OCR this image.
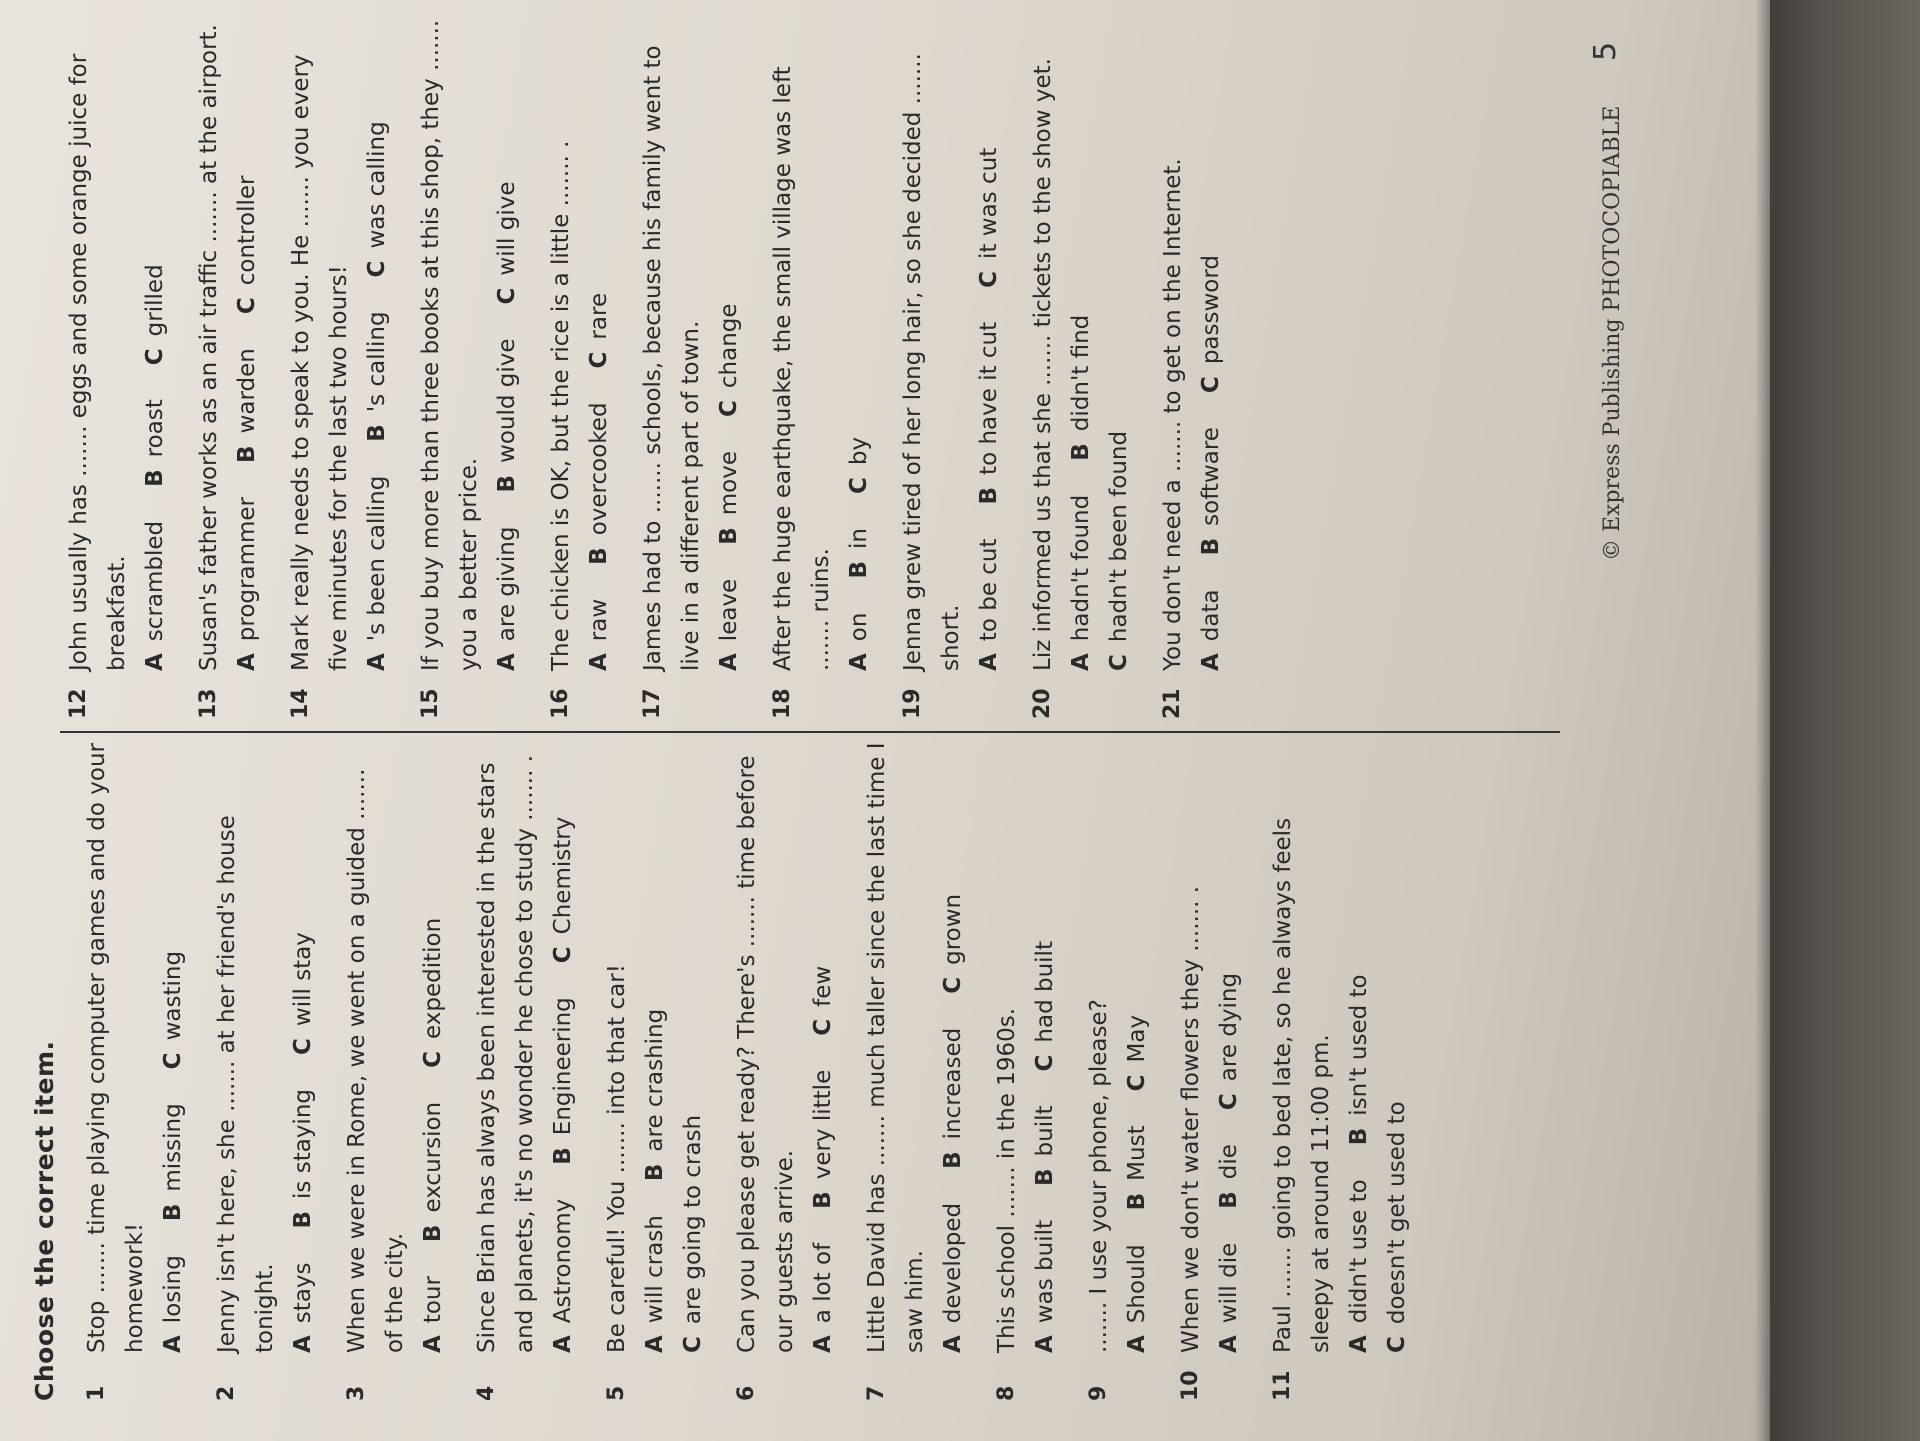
Choose the correct item. 1
Stop ....... time playing computer games and do your homework! Alosing
Bmissing
Cwasting
2
Jenny isn't here, she ....... at her friend's house tonight. Astays
Bis staying
Cwill stay
3
When we were in Rome, we went on a guided ....... of the city. Atour
Bexcursion
Cexpedition
4
Since Brian has always been interested in the stars and planets, it's no wonder he chose to study ....... . AAstronomy
BEngineering
CChemistry
5
Be careful! You ....... into that car! Awill crash
Bare crashing
Care going to crash
6
Can you please get ready? There's ....... time before our guests arrive. Aa lot of
Bvery little
Cfew
7
Little David has ....... much taller since the last time I saw him. Adeveloped
Bincreased
Cgrown
8
This school ....... in the 1960s. Awas built
Bbuilt
Chad built
9
....... I use your phone, please? AShould
BMust
CMay
10
When we don't water flowers they ....... . Awill die
Bdie
Care dying
11
Paul ....... going to bed late, so he always feels sleepy at around 11:00 pm. Adidn't use to
Bisn't used to
Cdoesn't get used to
12
John usually has ....... eggs and some orange juice for breakfast. Ascrambled
Broast
Cgrilled
13
Susan's father works as an air traffic ....... at the airport. Aprogrammer
Bwarden
Ccontroller
14
Mark really needs to speak to you. He ....... you every five minutes for the last two hours! A's been calling
B's calling
Cwas calling
15
If you buy more than three books at this shop, they ....... you a better price. Aare giving
Bwould give
Cwill give
16
The chicken is OK, but the rice is a little ....... . Araw
Bovercooked
Crare
17
James had to ....... schools, because his family went to live in a different part of town. Aleave
Bmove
Cchange
18
After the huge earthquake, the small village was left ....... ruins. Aon
Bin
Cby
19
Jenna grew tired of her long hair, so she decided ....... short. Ato be cut
Bto have it cut
Cit was cut
20
Liz informed us that she ....... tickets to the show yet. Ahadn't found
Bdidn't find
Chadn't been found
21
You don't need a ....... to get on the Internet. Adata
Bsoftware
Cpassword	© Express Publishing PHOTOCOPIABLE
5
